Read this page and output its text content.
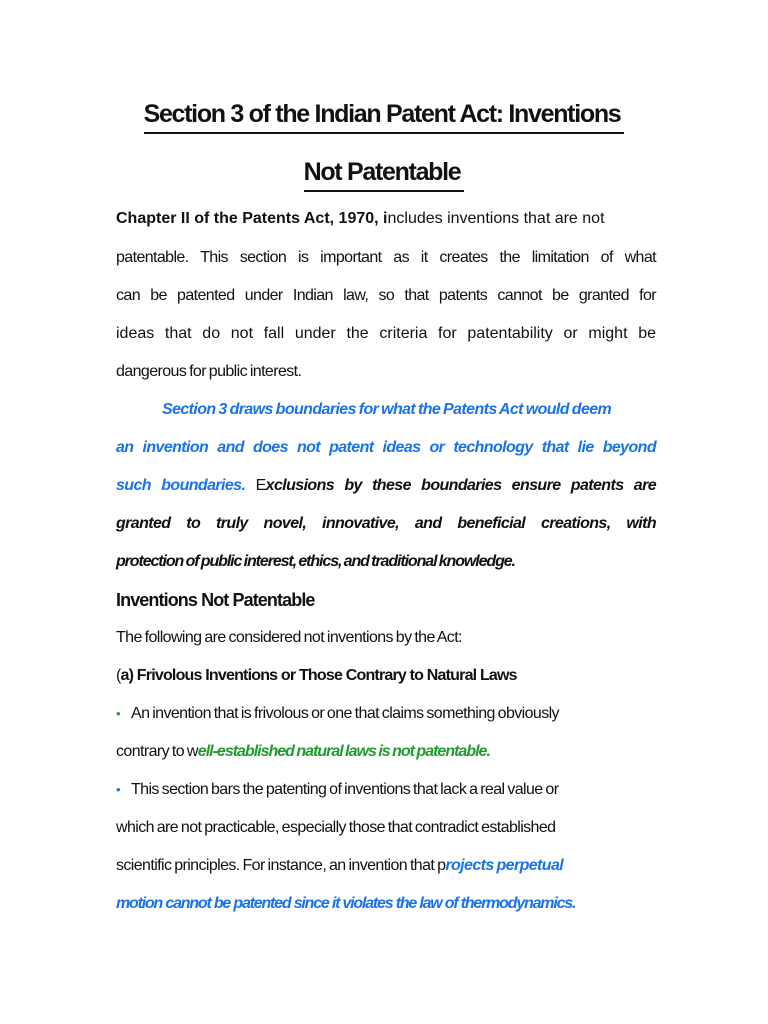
Section 3 of the Indian Patent Act: Inventions
Not Patentable
Chapter II of the Patents Act, 1970, includes inventions that are not
patentable. This section is important as it creates the limitation of what
can be patented under Indian law, so that patents cannot be granted for
ideas that do not fall under the criteria for patentability or might be
dangerous for public interest.
Section 3 draws boundaries for what the Patents Act would deem
an invention and does not patent ideas or technology that lie beyond
such boundaries. Exclusions by these boundaries ensure patents are
granted to truly novel, innovative, and beneficial creations, with
protection of public interest, ethics, and traditional knowledge.
Inventions Not Patentable
The following are considered not inventions by the Act:
(a) Frivolous Inventions or Those Contrary to Natural Laws
• An invention that is frivolous or one that claims something obviously
contrary to well-established natural laws is not patentable.
• This section bars the patenting of inventions that lack a real value or
which are not practicable, especially those that contradict established
scientific principles. For instance, an invention that projects perpetual
motion cannot be patented since it violates the law of thermodynamics.
